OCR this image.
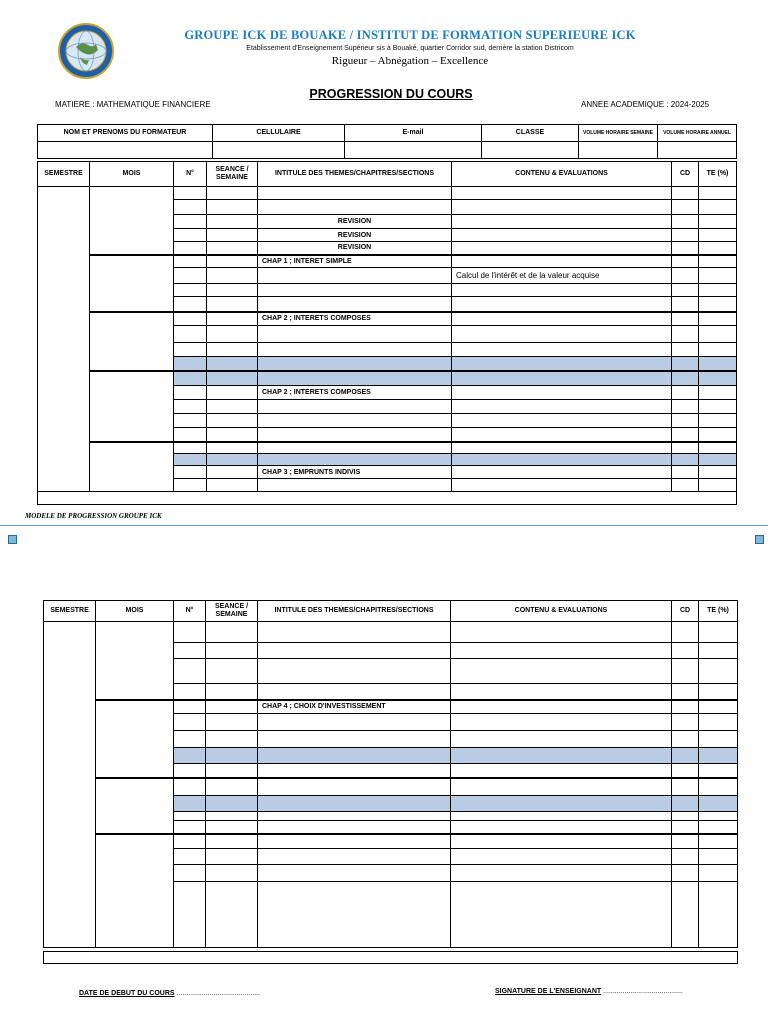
GROUPE ICK DE BOUAKE / INSTITUT DE FORMATION SUPERIEURE ICK
Etablissement d'Enseignement Supérieur sis à Bouaké, quartier Corridor sud, derrière la station Districom
Rigueur – Abnégation – Excellence
PROGRESSION DU COURS
MATIERE : MATHEMATIQUE FINANCIERE	ANNEE ACADEMIQUE : 2024-2025
NOM ET PRENOMS DU FORMATEUR	CELLULAIRE	E-mail	CLASSE	VOLUME HORAIRE SEMAINE	VOLUME HORAIRE ANNUEL

SEMESTRE	MOIS	N°	SEANCE / SEMAINE	INTITULE DES THEMES/CHAPITRES/SECTIONS	CONTENU & EVALUATIONS	CD	TE (%)

				REVISION			
				REVISION			
				REVISION			
				CHAP 1 ; INTERET SIMPLE			
					Calcul de l'intérêt et de la valeur acquise		

				CHAP 2 ; INTERETS COMPOSES			

				CHAP 2 ; INTERETS COMPOSES			

				CHAP 3 ; EMPRUNTS INDIVIS			

MODELE DE PROGRESSION GROUPE ICK
SEMESTRE	MOIS	N°	SEANCE / SEMAINE	INTITULE DES THEMES/CHAPITRES/SECTIONS	CONTENU & EVALUATIONS	CD	TE (%)

				CHAP 4 ; CHOIX D'INVESTISSEMENT			

DATE DE DEBUT DU COURS ...........................................	SIGNATURE DE L'ENSEIGNANT .........................................
